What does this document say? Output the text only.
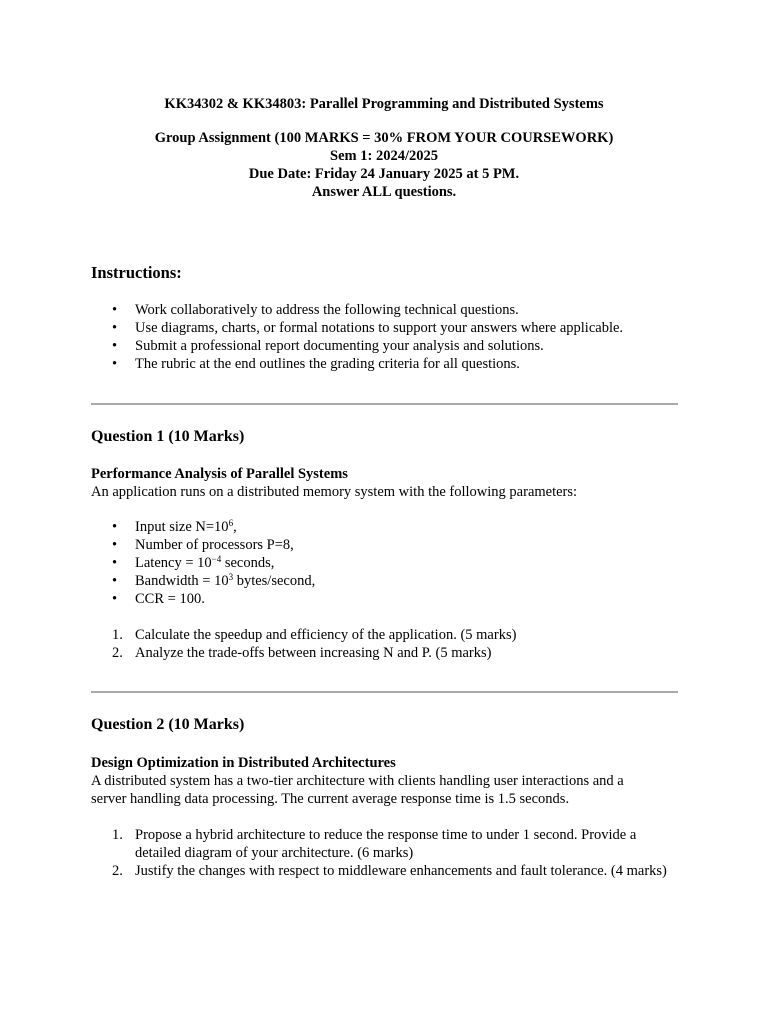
KK34302 & KK34803: Parallel Programming and Distributed Systems
Group Assignment (100 MARKS = 30% FROM YOUR COURSEWORK)
Sem 1: 2024/2025
Due Date: Friday 24 January 2025 at 5 PM.
Answer ALL questions.
Instructions:
• Work collaboratively to address the following technical questions.
• Use diagrams, charts, or formal notations to support your answers where applicable.
• Submit a professional report documenting your analysis and solutions.
• The rubric at the end outlines the grading criteria for all questions.
Question 1 (10 Marks)
Performance Analysis of Parallel Systems
An application runs on a distributed memory system with the following parameters:
• Input size $N=10^6$,
• Number of processors P=8,
• Latency = $10^{-4}$ seconds,
• Bandwidth = $10^3$ bytes/second,
• CCR = 100.
1. Calculate the speedup and efficiency of the application. (5 marks)
2. Analyze the trade-offs between increasing N and P. (5 marks)
Question 2 (10 Marks)
Design Optimization in Distributed Architectures
A distributed system has a two-tier architecture with clients handling user interactions and a server handling data processing. The current average response time is 1.5 seconds.
1. Propose a hybrid architecture to reduce the response time to under 1 second. Provide a detailed diagram of your architecture. (6 marks)
2. Justify the changes with respect to middleware enhancements and fault tolerance. (4 marks)
